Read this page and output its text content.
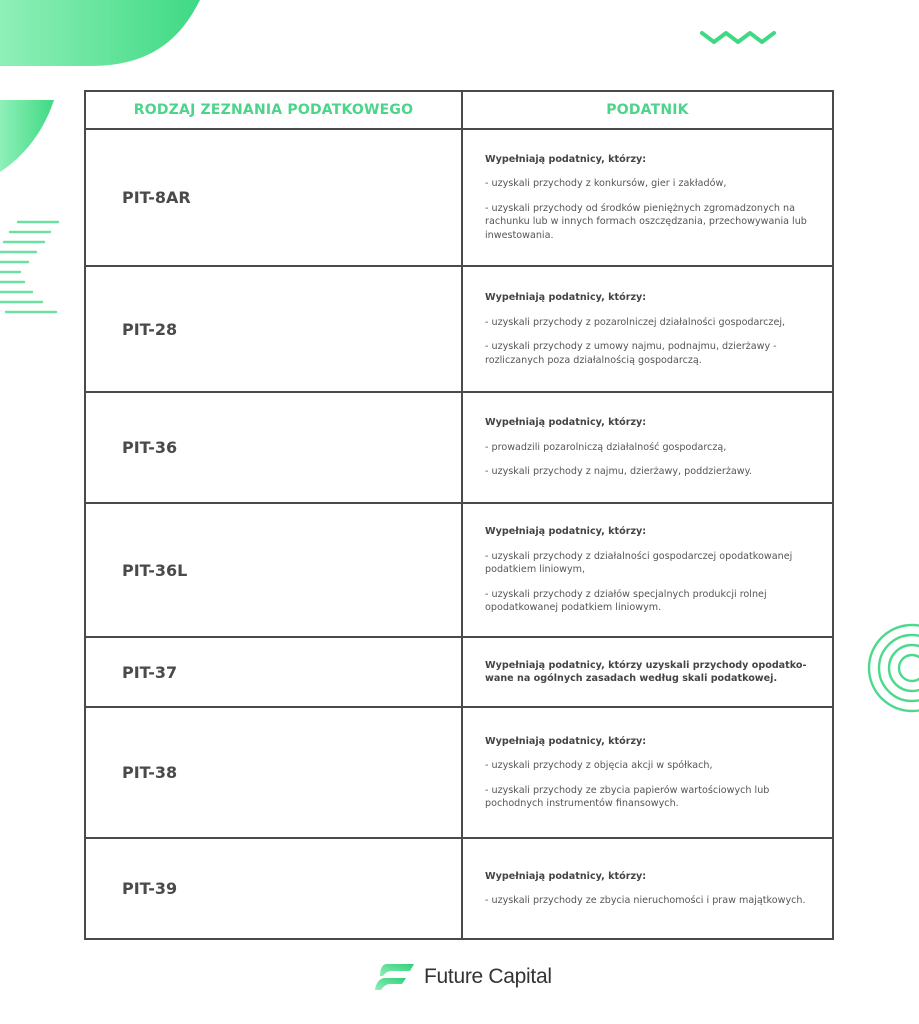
RODZAJ ZEZNANIA PODATKOWEGO	PODATNIK
PIT-8AR	Wypełniają podatnicy, którzy:

- uzyskali przychody z konkursów, gier i zakładów,

- uzyskali przychody od środków pieniężnych zgromadzonych na rachunku lub w innych formach oszczędzania, przechowywania lub inwestowania.

PIT-28	Wypełniają podatnicy, którzy:

- uzyskali przychody z pozarolniczej działalności gospodarczej,

- uzyskali przychody z umowy najmu, podnajmu, dzierżawy - rozliczanych poza działalnością gospodarczą.

PIT-36	Wypełniają podatnicy, którzy:

- prowadzili pozarolniczą działalność gospodarczą,

- uzyskali przychody z najmu, dzierżawy, poddzierżawy.

PIT-36L	Wypełniają podatnicy, którzy:

- uzyskali przychody z działalności gospodarczej opodatkowanej podatkiem liniowym,

- uzyskali przychody z działów specjalnych produkcji rolnej opodatkowanej podatkiem liniowym.

PIT-37	Wypełniają podatnicy, którzy uzyskali przychody opodatko-wane na ogólnych zasadach według skali podatkowej.

PIT-38	Wypełniają podatnicy, którzy:

- uzyskali przychody z objęcia akcji w spółkach,

- uzyskali przychody ze zbycia papierów wartościowych lub pochodnych instrumentów finansowych.

PIT-39	Wypełniają podatnicy, którzy:

- uzyskali przychody ze zbycia nieruchomości i praw majątkowych.

Future Capital
